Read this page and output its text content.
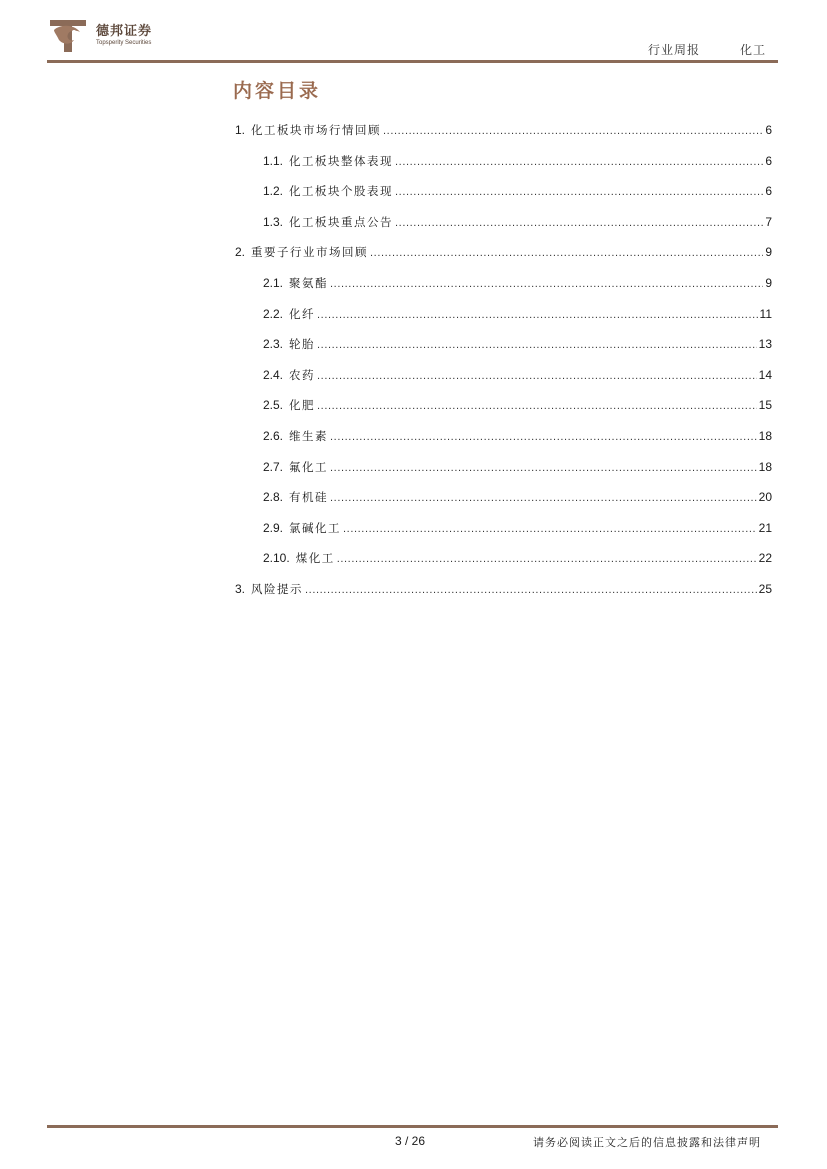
德邦证券
Topsperity Securities	行业周报	化工
内容目录
1. 化工板块市场行情回顾 .....	6
1.1. 化工板块整体表现 .....	6
1.2. 化工板块个股表现 .....	6
1.3. 化工板块重点公告 .....	7
2. 重要子行业市场回顾 .....	9
2.1. 聚氨酯 .....	9
2.2. 化纤 .....	11
2.3. 轮胎 .....	13
2.4. 农药 .....	14
2.5. 化肥 .....	15
2.6. 维生素 .....	18
2.7. 氟化工 .....	18
2.8. 有机硅 .....	20
2.9. 氯碱化工 .....	21
2.10. 煤化工 .....	22
3. 风险提示 .....	25
3 / 26	请务必阅读正文之后的信息披露和法律声明
